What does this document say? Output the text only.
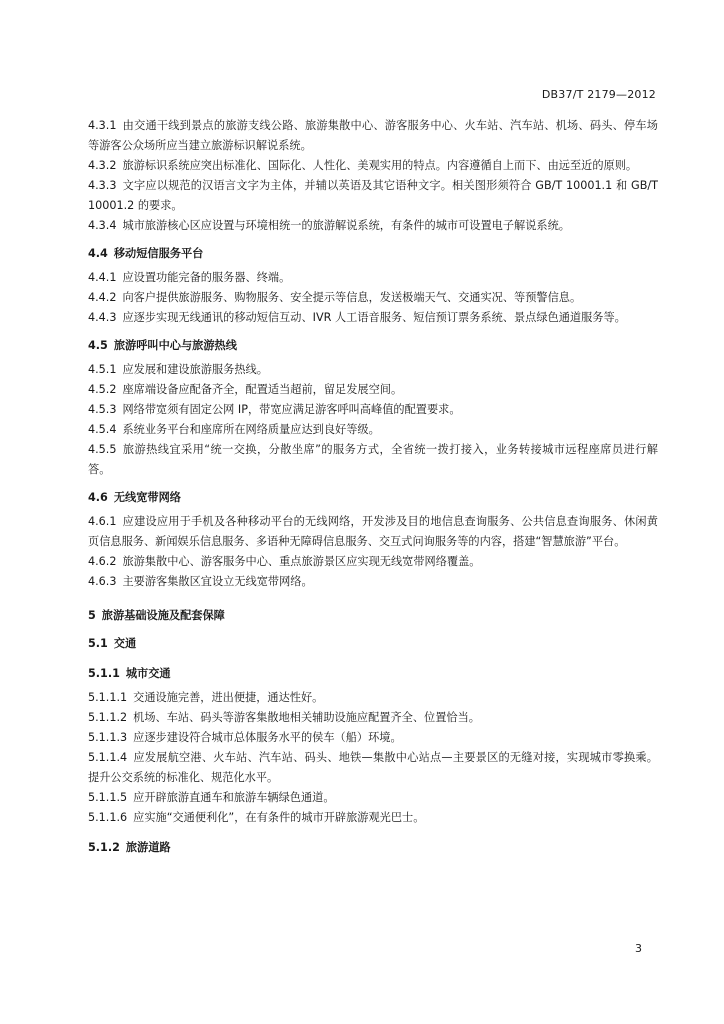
DB37/T 2179—2012
4.3.1 由交通干线到景点的旅游支线公路、旅游集散中心、游客服务中心、火车站、汽车站、机场、码头、停车场等游客公众场所应当建立旅游标识解说系统。
4.3.2 旅游标识系统应突出标准化、国际化、人性化、美观实用的特点。内容遵循自上而下、由远至近的原则。
4.3.3 文字应以规范的汉语言文字为主体，并辅以英语及其它语种文字。相关图形须符合 GB/T 10001.1 和 GB/T 10001.2 的要求。
4.3.4 城市旅游核心区应设置与环境相统一的旅游解说系统，有条件的城市可设置电子解说系统。
4.4 移动短信服务平台
4.4.1 应设置功能完备的服务器、终端。
4.4.2 向客户提供旅游服务、购物服务、安全提示等信息，发送极端天气、交通实况、等预警信息。
4.4.3 应逐步实现无线通讯的移动短信互动、IVR 人工语音服务、短信预订票务系统、景点绿色通道服务等。
4.5 旅游呼叫中心与旅游热线
4.5.1 应发展和建设旅游服务热线。
4.5.2 座席端设备应配备齐全，配置适当超前，留足发展空间。
4.5.3 网络带宽须有固定公网 IP，带宽应满足游客呼叫高峰值的配置要求。
4.5.4 系统业务平台和座席所在网络质量应达到良好等级。
4.5.5 旅游热线宜采用“统一交换，分散坐席”的服务方式，全省统一拨打接入，业务转接城市远程座席员进行解答。
4.6 无线宽带网络
4.6.1 应建设应用于手机及各种移动平台的无线网络，开发涉及目的地信息查询服务、公共信息查询服务、休闲黄页信息服务、新闻娱乐信息服务、多语种无障碍信息服务、交互式问询服务等的内容，搭建“智慧旅游”平台。
4.6.2 旅游集散中心、游客服务中心、重点旅游景区应实现无线宽带网络覆盖。
4.6.3 主要游客集散区宜设立无线宽带网络。
5 旅游基础设施及配套保障
5.1 交通
5.1.1 城市交通
5.1.1.1 交通设施完善，进出便捷，通达性好。
5.1.1.2 机场、车站、码头等游客集散地相关辅助设施应配置齐全、位置恰当。
5.1.1.3 应逐步建设符合城市总体服务水平的侯车（船）环境。
5.1.1.4 应发展航空港、火车站、汽车站、码头、地铁—集散中心站点—主要景区的无缝对接，实现城市零换乘。提升公交系统的标准化、规范化水平。
5.1.1.5 应开辟旅游直通车和旅游车辆绿色通道。
5.1.1.6 应实施“交通便利化”，在有条件的城市开辟旅游观光巴士。
5.1.2 旅游道路
3
